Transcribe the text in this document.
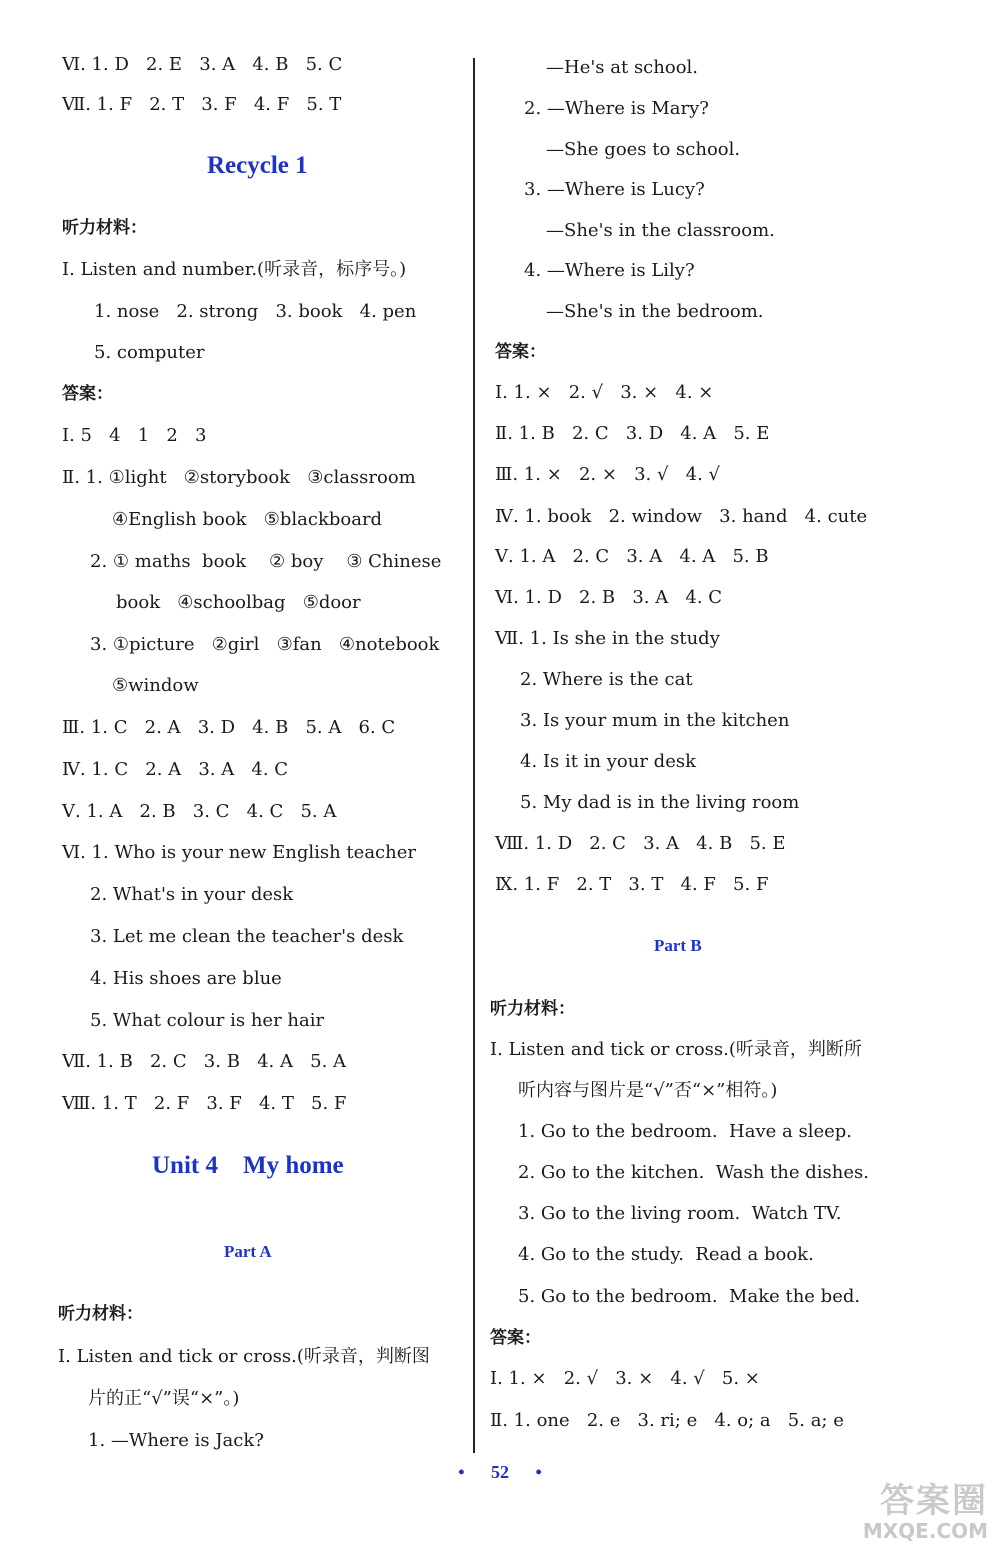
Ⅵ. 1. D   2. E   3. A   4. B   5. C
Ⅶ. 1. F   2. T   3. F   4. F   5. T
Recycle 1
听力材料：
Ⅰ. Listen and number.(听录音，标序号。)
1. nose   2. strong   3. book   4. pen
5. computer
答案：
Ⅰ. 5   4   1   2   3
Ⅱ. 1. ①light   ②storybook   ③classroom
④English book   ⑤blackboard
2. ① maths  book    ② boy    ③ Chinese
book   ④schoolbag   ⑤door
3. ①picture   ②girl   ③fan   ④notebook
⑤window
Ⅲ. 1. C   2. A   3. D   4. B   5. A   6. C
Ⅳ. 1. C   2. A   3. A   4. C
Ⅴ. 1. A   2. B   3. C   4. C   5. A
Ⅵ. 1. Who is your new English teacher
2. What's in your desk
3. Let me clean the teacher's desk
4. His shoes are blue
5. What colour is her hair
Ⅶ. 1. B   2. C   3. B   4. A   5. A
Ⅷ. 1. T   2. F   3. F   4. T   5. F
Unit 4    My home
Part A
听力材料：
Ⅰ. Listen and tick or cross.(听录音，判断图
片的正“√”误“×”。)
1. —Where is Jack?
—He's at school.
2. —Where is Mary?
—She goes to school.
3. —Where is Lucy?
—She's in the classroom.
4. —Where is Lily?
—She's in the bedroom.
答案：
Ⅰ. 1. ×   2. √   3. ×   4. ×
Ⅱ. 1. B   2. C   3. D   4. A   5. E
Ⅲ. 1. ×   2. ×   3. √   4. √
Ⅳ. 1. book   2. window   3. hand   4. cute
Ⅴ. 1. A   2. C   3. A   4. A   5. B
Ⅵ. 1. D   2. B   3. A   4. C
Ⅶ. 1. Is she in the study
2. Where is the cat
3. Is your mum in the kitchen
4. Is it in your desk
5. My dad is in the living room
Ⅷ. 1. D   2. C   3. A   4. B   5. E
Ⅸ. 1. F   2. T   3. T   4. F   5. F
Part B
听力材料：
Ⅰ. Listen and tick or cross.(听录音，判断所
听内容与图片是“√”否“×”相符。)
1. Go to the bedroom.  Have a sleep.
2. Go to the kitchen.  Wash the dishes.
3. Go to the living room.  Watch TV.
4. Go to the study.  Read a book.
5. Go to the bedroom.  Make the bed.
答案：
Ⅰ. 1. ×   2. √   3. ×   4. √   5. ×
Ⅱ. 1. one   2. e   3. ri; e   4. o; a   5. a; e
• 52 •
答案圈
MXQE.COM
